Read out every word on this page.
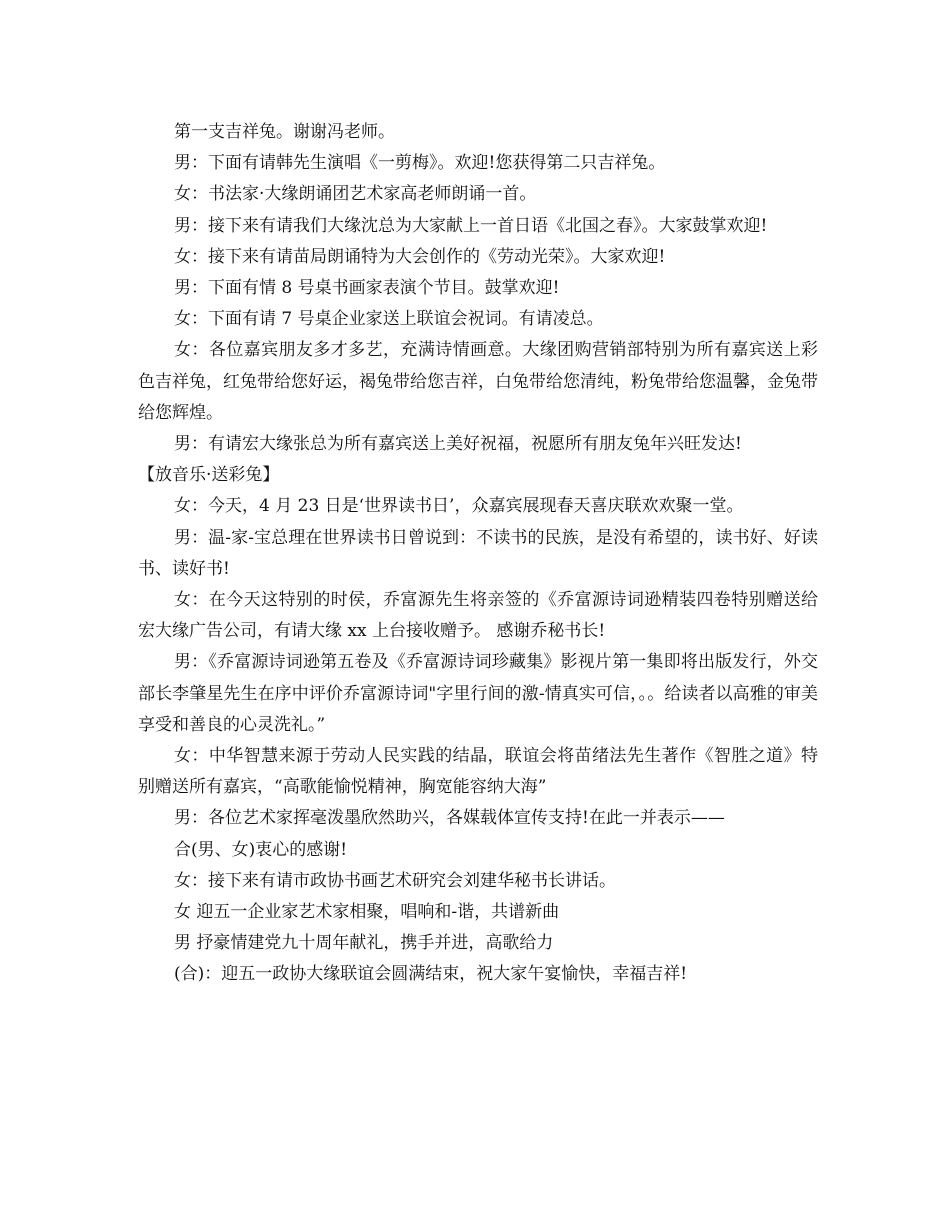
第一支吉祥兔。谢谢冯老师。

男：下面有请韩先生演唱《一剪梅》。欢迎!您获得第二只吉祥兔。

女：书法家·大缘朗诵团艺术家高老师朗诵一首。

男：接下来有请我们大缘沈总为大家献上一首日语《北国之春》。大家鼓掌欢迎!

女：接下来有请苗局朗诵特为大会创作的《劳动光荣》。大家欢迎!

男：下面有情 8 号桌书画家表演个节目。鼓掌欢迎!

女：下面有请 7 号桌企业家送上联谊会祝词。有请凌总。

女：各位嘉宾朋友多才多艺，充满诗情画意。大缘团购营销部特别为所有嘉宾送上彩色吉祥兔，红兔带给您好运，褐兔带给您吉祥，白兔带给您清纯，粉兔带给您温馨，金兔带给您辉煌。

男：有请宏大缘张总为所有嘉宾送上美好祝福，祝愿所有朋友兔年兴旺发达!

【放音乐·送彩兔】

女：今天，4 月 23 日是‘世界读书日’，众嘉宾展现春天喜庆联欢欢聚一堂。

男：温-家-宝总理在世界读书日曾说到：不读书的民族，是没有希望的，读书好、好读书、读好书!

女：在今天这特别的时侯，乔富源先生将亲签的《乔富源诗词逊精装四卷特别赠送给宏大缘广告公司，有请大缘 xx 上台接收赠予。 感谢乔秘书长!

男：《乔富源诗词逊第五卷及《乔富源诗词珍藏集》影视片第一集即将出版发行，外交部长李肇星先生在序中评价乔富源诗词"字里行间的激-情真实可信，。。给读者以高雅的审美享受和善良的心灵洗礼。”

女：中华智慧来源于劳动人民实践的结晶，联谊会将苗绪法先生著作《智胜之道》特别赠送所有嘉宾，“高歌能愉悦精神，胸宽能容纳大海”

男：各位艺术家挥毫泼墨欣然助兴，各媒载体宣传支持!在此一并表示——

合(男、女)衷心的感谢!

女：接下来有请市政协书画艺术研究会刘建华秘书长讲话。

女 迎五一企业家艺术家相聚，唱响和-谐，共谱新曲

男 抒豪情建党九十周年献礼，携手并进，高歌给力

(合)：迎五一政协大缘联谊会圆满结束，祝大家午宴愉快，幸福吉祥!
